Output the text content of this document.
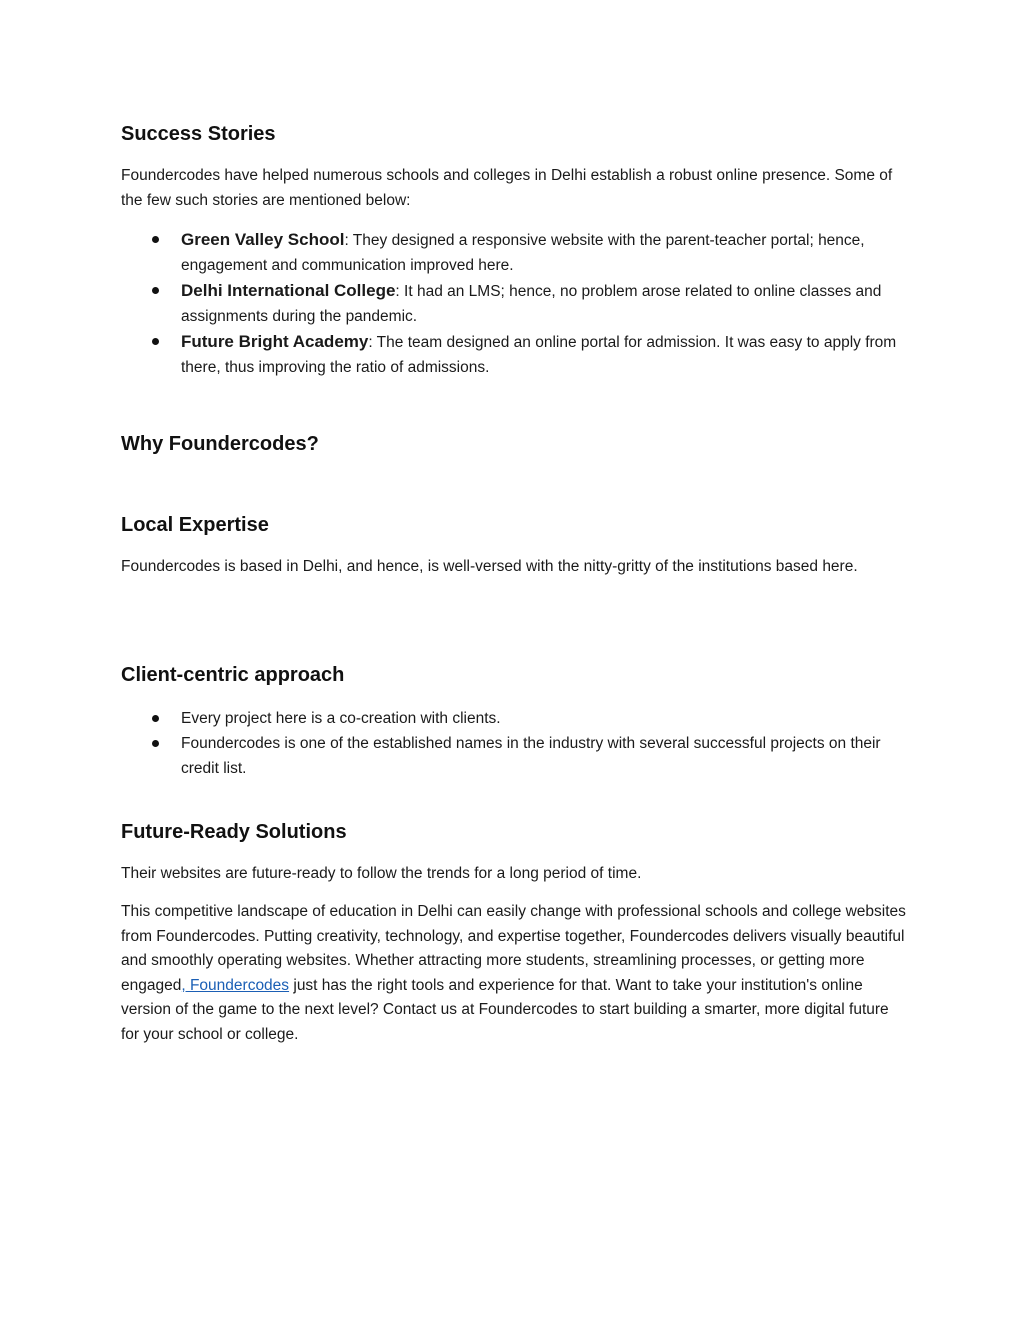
Success Stories

Foundercodes have helped numerous schools and colleges in Delhi establish a robust online presence. Some of the few such stories are mentioned below:

Green Valley School: They designed a responsive website with the parent-teacher portal; hence, engagement and communication improved here.
Delhi International College: It had an LMS; hence, no problem arose related to online classes and assignments during the pandemic.
Future Bright Academy: The team designed an online portal for admission. It was easy to apply from there, thus improving the ratio of admissions.
Why Foundercodes?
Local Expertise

Foundercodes is based in Delhi, and hence, is well-versed with the nitty-gritty of the institutions based here.

Client-centric approach
Every project here is a co-creation with clients.
Foundercodes is one of the established names in the industry with several successful projects on their credit list.
Future-Ready Solutions

Their websites are future-ready to follow the trends for a long period of time.

This competitive landscape of education in Delhi can easily change with professional schools and college websites from Foundercodes. Putting creativity, technology, and expertise together, Foundercodes delivers visually beautiful and smoothly operating websites. Whether attracting more students, streamlining processes, or getting more engaged, Foundercodes just has the right tools and experience for that. Want to take your institution's online version of the game to the next level? Contact us at Foundercodes to start building a smarter, more digital future for your school or college.
